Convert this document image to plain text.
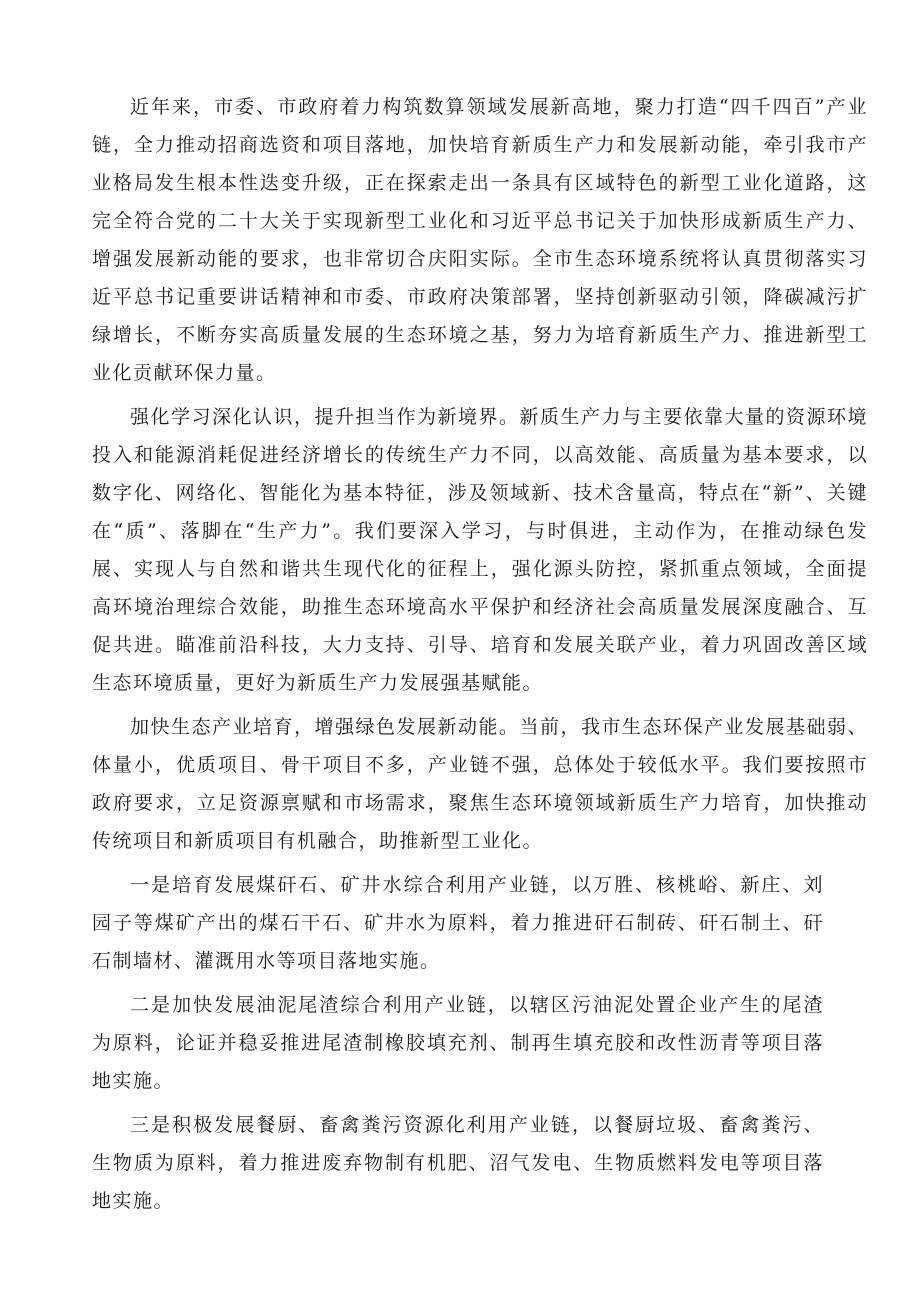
近年来，市委、市政府着力构筑数算领域发展新高地，聚力打造“四千四百”产业链，全力推动招商选资和项目落地，加快培育新质生产力和发展新动能，牵引我市产业格局发生根本性迭变升级，正在探索走出一条具有区域特色的新型工业化道路，这完全符合党的二十大关于实现新型工业化和习近平总书记关于加快形成新质生产力、增强发展新动能的要求，也非常切合庆阳实际。全市生态环境系统将认真贯彻落实习近平总书记重要讲话精神和市委、市政府决策部署，坚持创新驱动引领，降碳减污扩绿增长，不断夯实高质量发展的生态环境之基，努力为培育新质生产力、推进新型工业化贡献环保力量。

强化学习深化认识，提升担当作为新境界。新质生产力与主要依靠大量的资源环境投入和能源消耗促进经济增长的传统生产力不同，以高效能、高质量为基本要求，以数字化、网络化、智能化为基本特征，涉及领域新、技术含量高，特点在“新”、关键在“质”、落脚在“生产力”。我们要深入学习，与时俱进，主动作为，在推动绿色发展、实现人与自然和谐共生现代化的征程上，强化源头防控，紧抓重点领域，全面提高环境治理综合效能，助推生态环境高水平保护和经济社会高质量发展深度融合、互促共进。瞄准前沿科技，大力支持、引导、培育和发展关联产业，着力巩固改善区域生态环境质量，更好为新质生产力发展强基赋能。

加快生态产业培育，增强绿色发展新动能。当前，我市生态环保产业发展基础弱、体量小，优质项目、骨干项目不多，产业链不强，总体处于较低水平。我们要按照市政府要求，立足资源禀赋和市场需求，聚焦生态环境领域新质生产力培育，加快推动传统项目和新质项目有机融合，助推新型工业化。

一是培育发展煤矸石、矿井水综合利用产业链，以万胜、核桃峪、新庄、刘园子等煤矿产出的煤石干石、矿井水为原料，着力推进矸石制砖、矸石制土、矸石制墙材、灌溉用水等项目落地实施。

二是加快发展油泥尾渣综合利用产业链，以辖区污油泥处置企业产生的尾渣为原料，论证并稳妥推进尾渣制橡胶填充剂、制再生填充胶和改性沥青等项目落地实施。

三是积极发展餐厨、畜禽粪污资源化利用产业链，以餐厨垃圾、畜禽粪污、生物质为原料，着力推进废弃物制有机肥、沼气发电、生物质燃料发电等项目落地实施。
